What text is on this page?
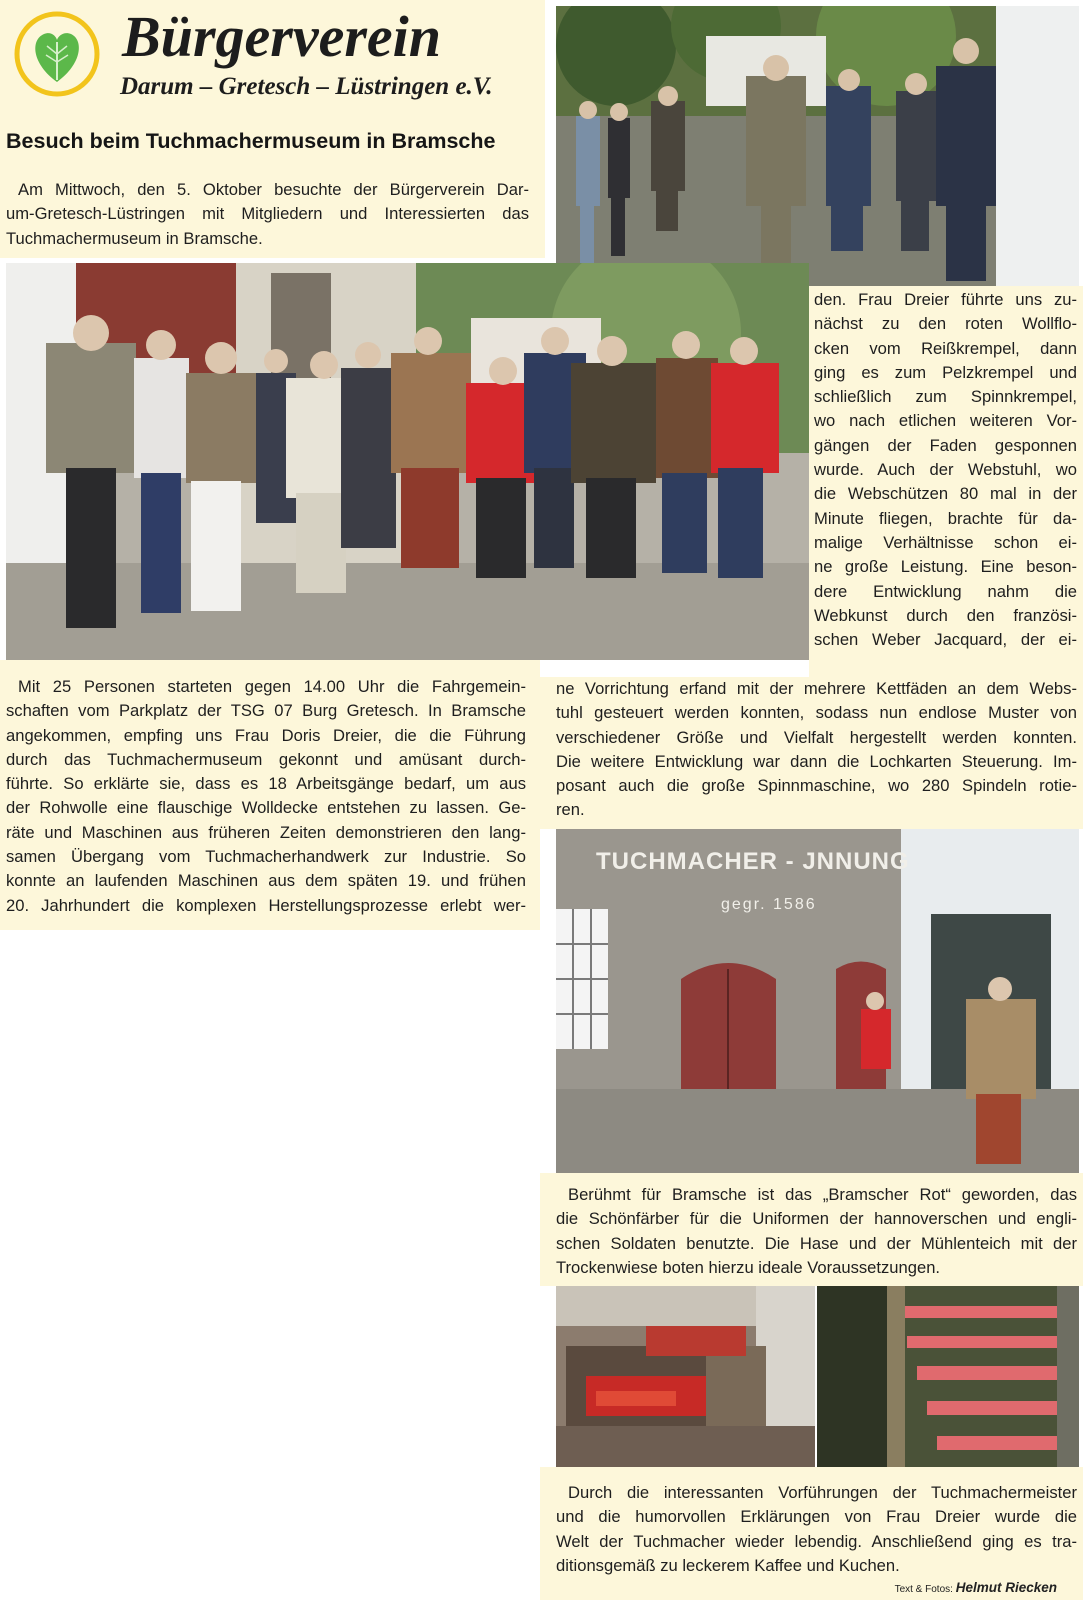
Bürgerverein
Darum – Gretesch – Lüstringen e.V.
Besuch beim Tuchmachermuseum in Bramsche

Am Mittwoch, den 5. Oktober besuchte der Bürgerverein Dar-

um-Gretesch-Lüstringen mit Mitgliedern und Interessierten das

Tuchmachermuseum in Bramsche.

den. Frau Dreier führte uns zu-

nächst zu den roten Wollflo-

cken vom Reißkrempel, dann

ging es zum Pelzkrempel und

schließlich zum Spinnkrempel,

wo nach etlichen weiteren Vor-

gängen der Faden gesponnen

wurde. Auch der Webstuhl, wo

die Webschützen 80 mal in der

Minute fliegen, brachte für da-

malige Verhältnisse schon ei-

ne große Leistung. Eine beson-

dere Entwicklung nahm die

Webkunst durch den französi-

schen Weber Jacquard, der ei-

Mit 25 Personen starteten gegen 14.00 Uhr die Fahrgemein-

schaften vom Parkplatz der TSG 07 Burg Gretesch. In Bramsche

angekommen, empfing uns Frau Doris Dreier, die die Führung

durch das Tuchmachermuseum gekonnt und amüsant durch-

führte. So erklärte sie, dass es 18 Arbeitsgänge bedarf, um aus

der Rohwolle eine flauschige Wolldecke entstehen zu lassen. Ge-

räte und Maschinen aus früheren Zeiten demonstrieren den lang-

samen Übergang vom Tuchmacherhandwerk zur Industrie. So

konnte an laufenden Maschinen aus dem späten 19. und frühen

20. Jahrhundert die komplexen Herstellungsprozesse erlebt wer-

ne Vorrichtung erfand mit der mehrere Kettfäden an dem Webs-

tuhl gesteuert werden konnten, sodass nun endlose Muster von

verschiedener Größe und Vielfalt hergestellt werden konnten.

Die weitere Entwicklung war dann die Lochkarten Steuerung. Im-

posant auch die große Spinnmaschine, wo 280 Spindeln rotie-

ren.

TUCHMACHER - JNNUNG
gegr. 1586

Berühmt für Bramsche ist das „Bramscher Rot“ geworden, das

die Schönfärber für die Uniformen der hannoverschen und engli-

schen Soldaten benutzte. Die Hase und der Mühlenteich mit der

Trockenwiese boten hierzu ideale Voraussetzungen.

Durch die interessanten Vorführungen der Tuchmachermeister

und die humorvollen Erklärungen von Frau Dreier wurde die

Welt der Tuchmacher wieder lebendig. Anschließend ging es tra-

ditionsgemäß zu leckerem Kaffee und Kuchen.

Text & Fotos: Helmut Riecken
